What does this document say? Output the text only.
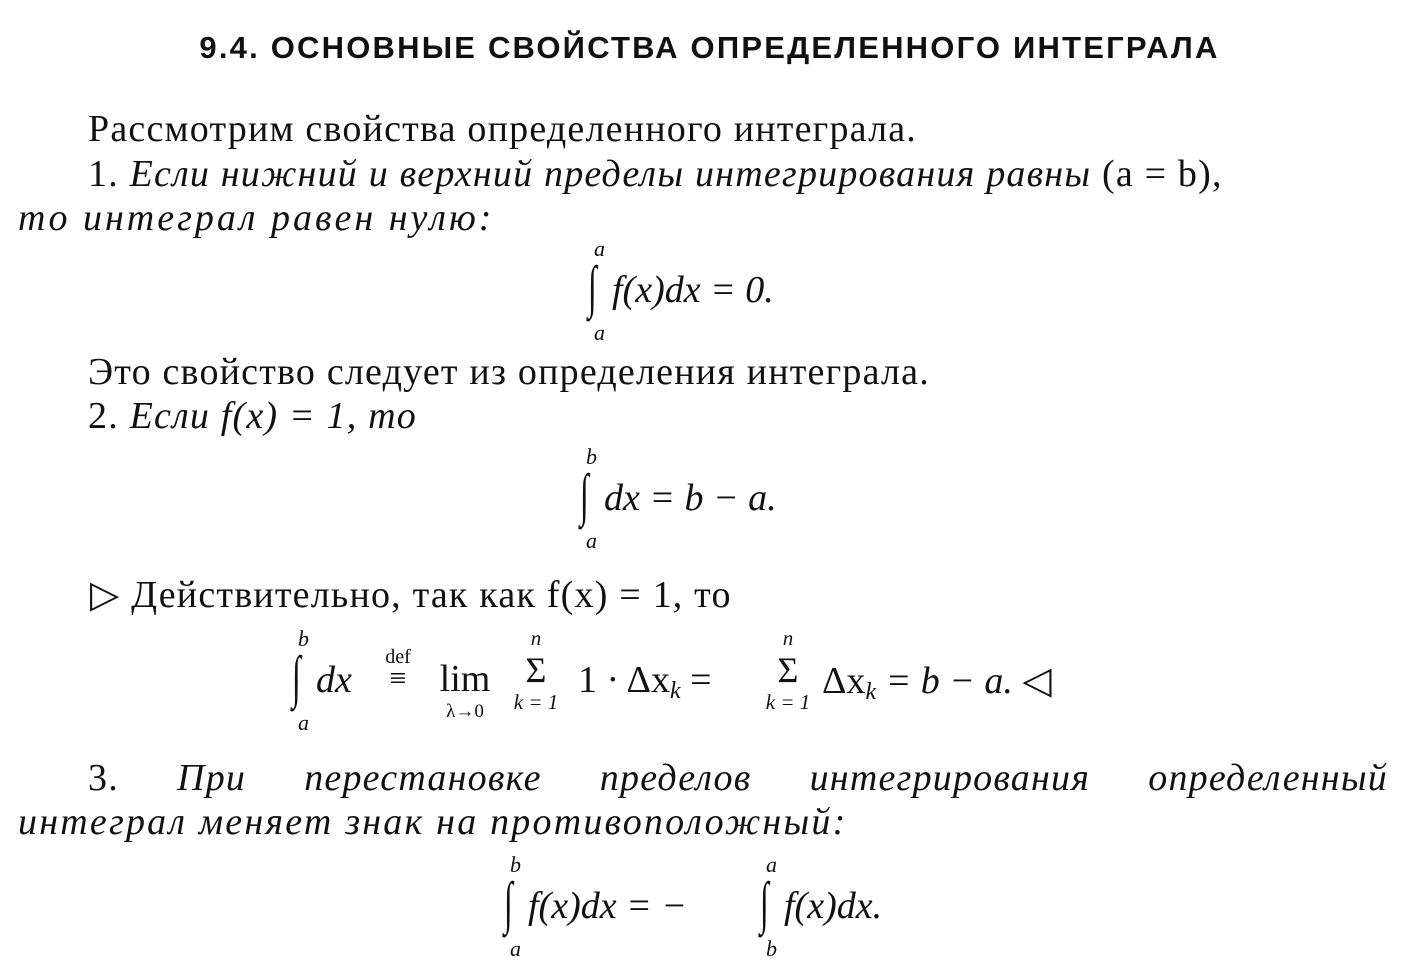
9.4. ОСНОВНЫЕ СВОЙСТВА ОПРЕДЕЛЕННОГО ИНТЕГРАЛА
Рассмотрим свойства определенного интеграла.
1. Если нижний и верхний пределы интегрирования равны (a = b),
то интеграл равен нулю:
a
∫
a
f(x)dx = 0.
Это свойство следует из определения интеграла.
2. Если f(x) = 1, то
b
∫
a
dx = b − a.
▷ Действительно, так как f(x) = 1, то
b
∫
a
dx
def
≡ lim
λ→0
n
Σ
k = 1
$1 \cdot \Delta x_k$ =
n
Σ
k = 1 $\Delta x_k = b - a$. ◁
3. При перестановке пределов интегрирования определенный
интеграл меняет знак на противоположный:
b
∫
a
f(x)dx = −
a
∫
b
f(x)dx.
